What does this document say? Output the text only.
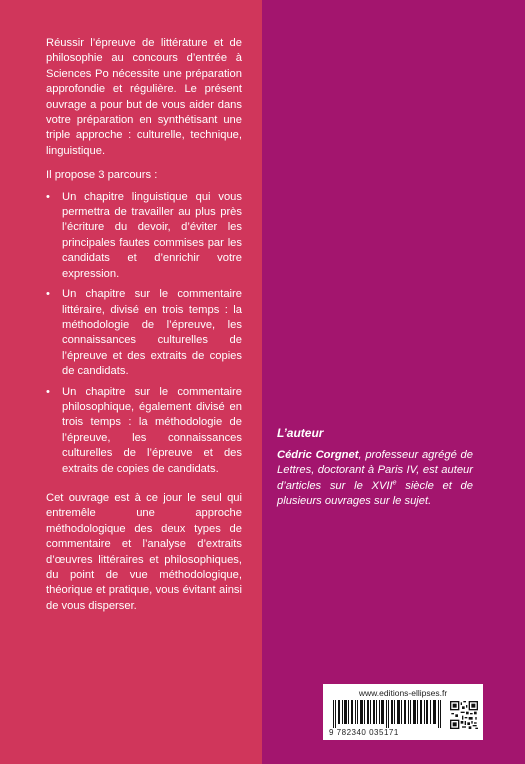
Réussir l’épreuve de littérature et de philosophie au concours d’entrée à Sciences Po nécessite une préparation approfondie et régulière. Le présent ouvrage a pour but de vous aider dans votre préparation en synthétisant une triple approche : culturelle, technique, linguistique.

Il propose 3 parcours :

• Un chapitre linguistique qui vous permettra de travailler au plus près l’écriture du devoir, d’éviter les principales fautes commises par les candidats et d’enrichir votre expression.
• Un chapitre sur le commentaire littéraire, divisé en trois temps : la méthodologie de l’épreuve, les connaissances culturelles de l’épreuve et des extraits de copies de candidats.
• Un chapitre sur le commentaire philosophique, également divisé en trois temps : la méthodologie de l’épreuve, les connaissances culturelles de l’épreuve et des extraits de copies de candidats.

Cet ouvrage est à ce jour le seul qui entremêle une approche méthodologique des deux types de commentaire et l’analyse d’extraits d’œuvres littéraires et philosophiques, du point de vue méthodologique, théorique et pratique, vous évitant ainsi de vous disperser.

L’auteur
Cédric Corgnet, professeur agrégé de Lettres, doctorant à Paris IV, est auteur d’articles sur le XVIIe siècle et de plusieurs ouvrages sur le sujet.
www.editions-ellipses.fr
9 782340 035171
